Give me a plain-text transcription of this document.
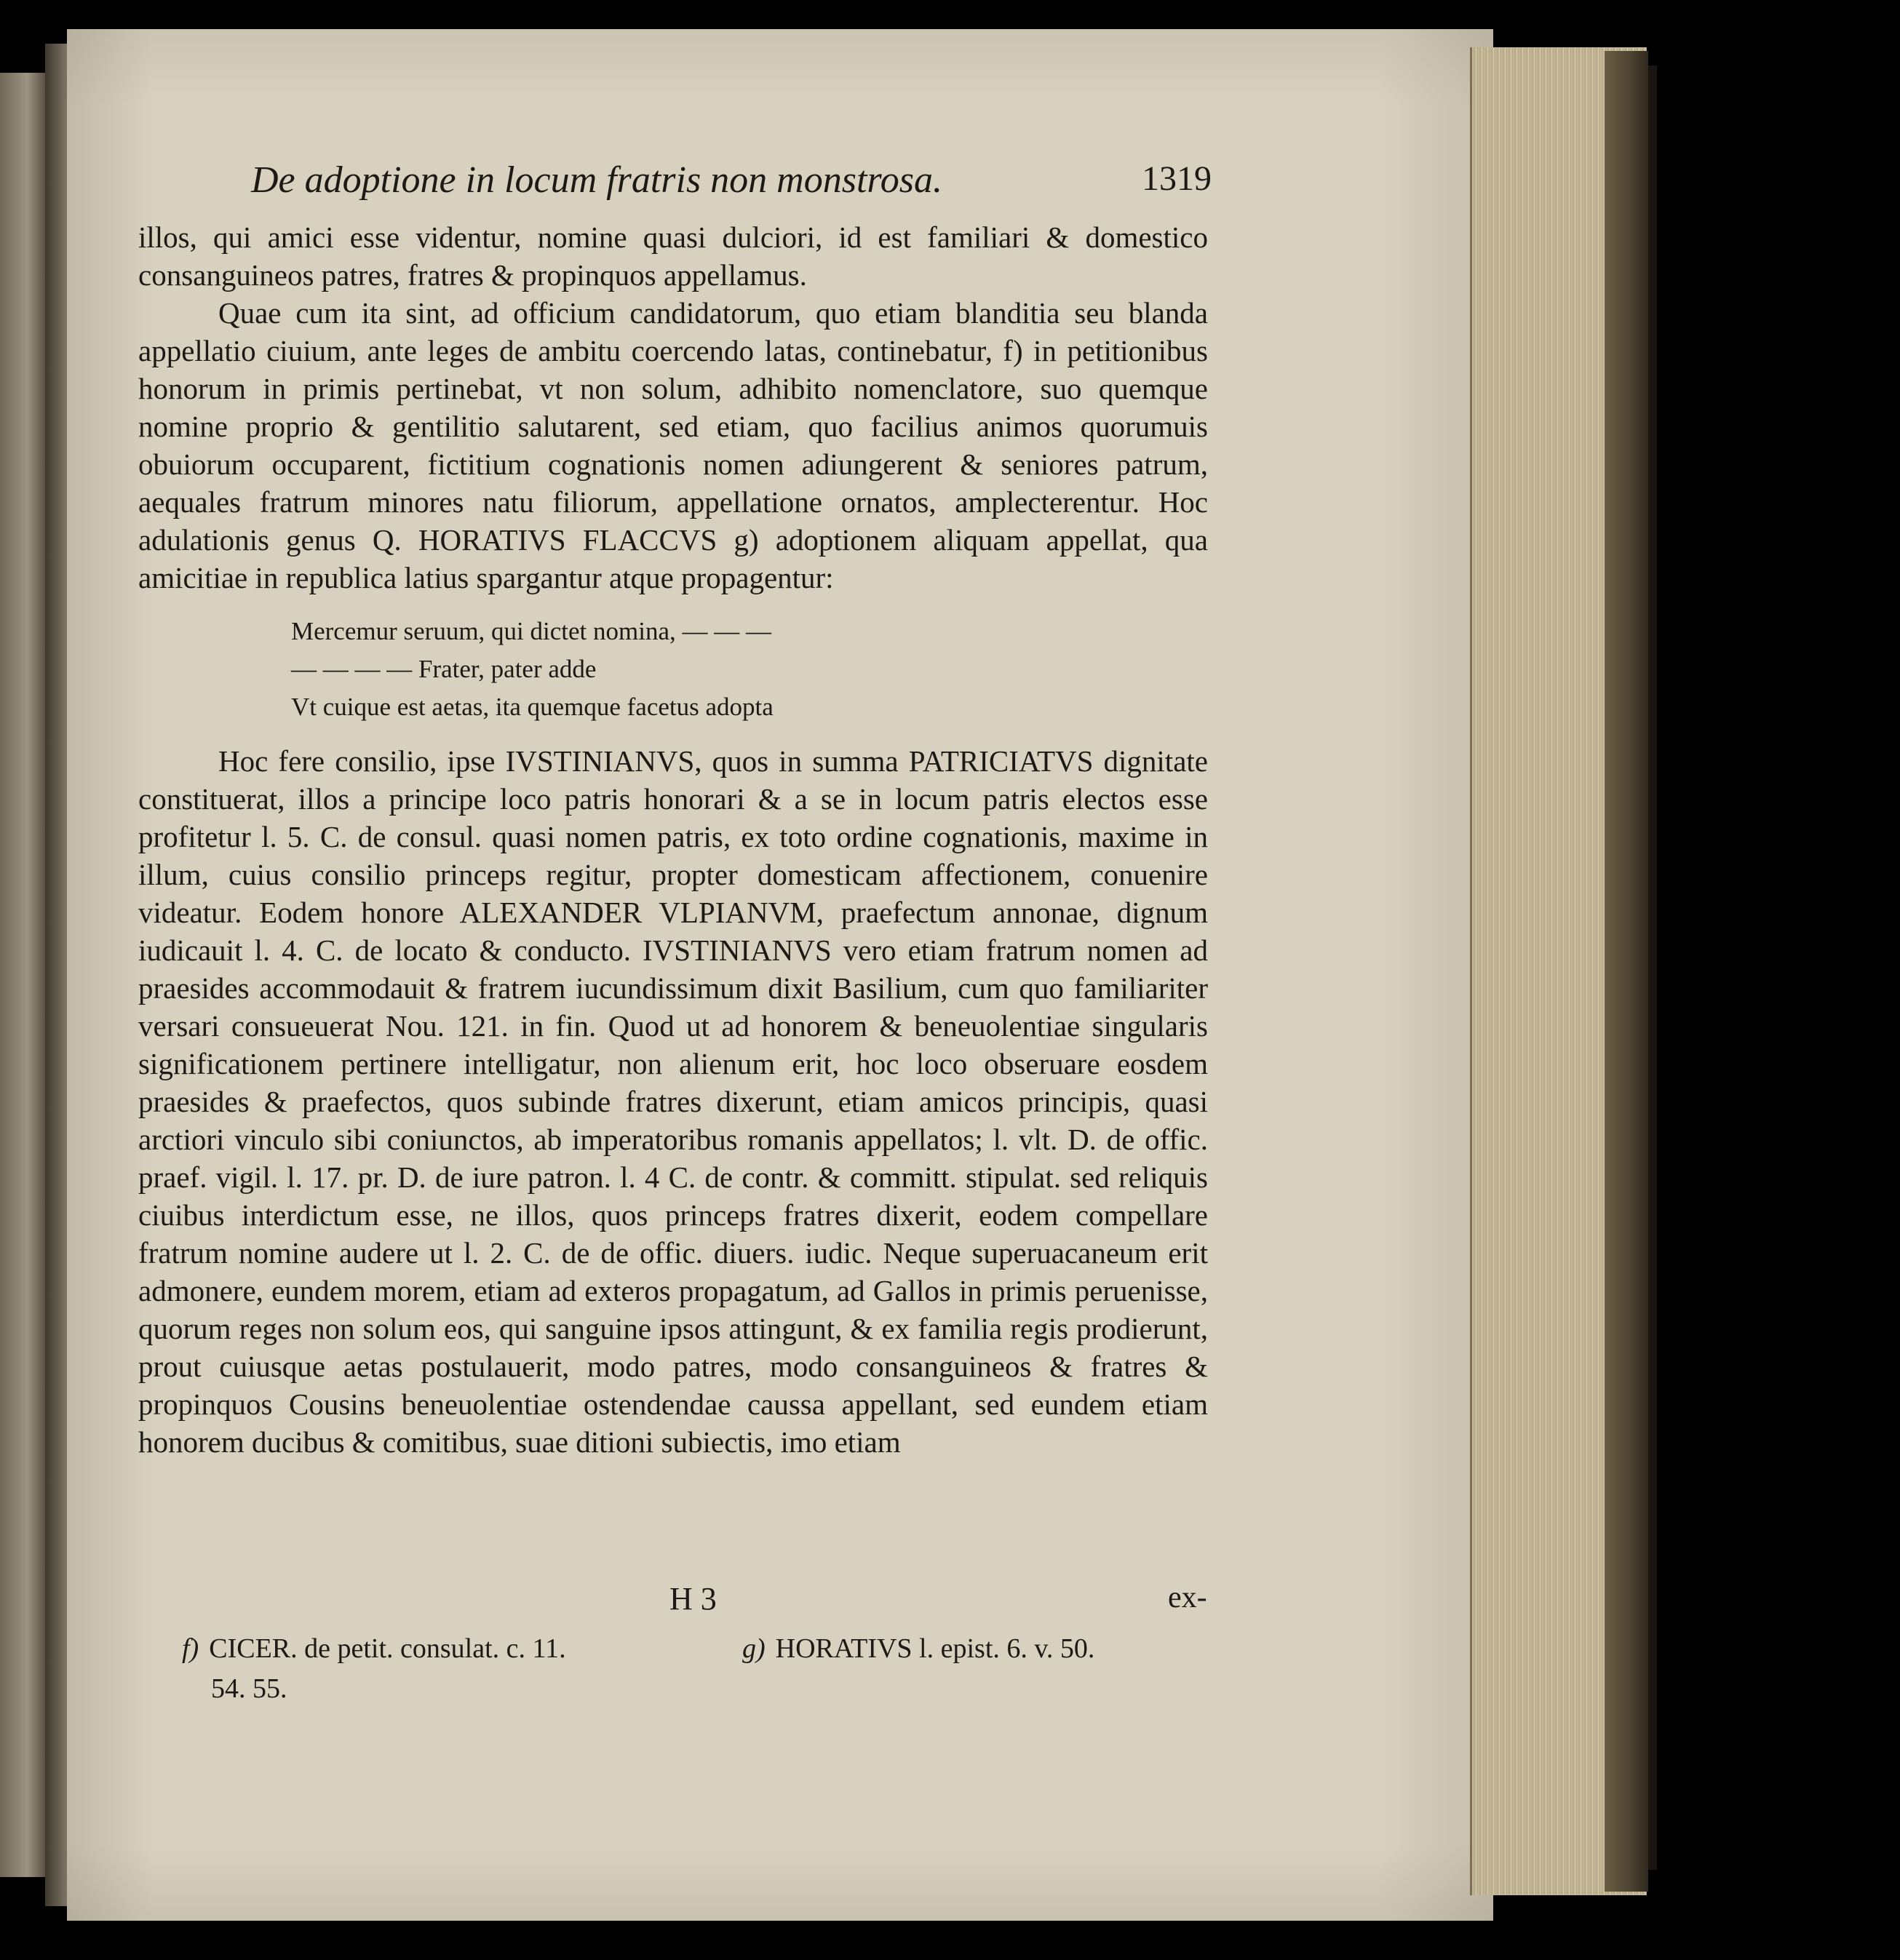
De adoptione in locum fratris non monstrosa.	1319

illos, qui amici esse videntur, nomine quasi dulciori, id est familiari & domestico consanguineos patres, fratres & propinquos appellamus.

Quae cum ita sint, ad officium candidatorum, quo etiam blanditia seu blanda appellatio ciuium, ante leges de ambitu coercendo latas, continebatur, f) in petitionibus honorum in primis pertinebat, vt non solum, adhibito nomenclatore, suo quemque nomine proprio & gentilitio salutarent, sed etiam, quo facilius animos quorumuis obuiorum occuparent, fictitium cognationis nomen adiungerent & seniores patrum, aequales fratrum minores natu filiorum, appellatione ornatos, amplecterentur. Hoc adulationis genus Q. HORATIVS FLACCVS g) adoptionem aliquam appellat, qua amicitiae in republica latius spargantur atque propagentur:

Mercemur seruum, qui dictet nomina, — — —
— — — — Frater, pater adde
Vt cuique est aetas, ita quemque facetus adopta

Hoc fere consilio, ipse IVSTINIANVS, quos in summa PATRICIATVS dignitate constituerat, illos a principe loco patris honorari & a se in locum patris electos esse profitetur l. 5. C. de consul. quasi nomen patris, ex toto ordine cognationis, maxime in illum, cuius consilio princeps regitur, propter domesticam affectionem, conuenire videatur. Eodem honore ALEXANDER VLPIANVM, praefectum annonae, dignum iudicauit l. 4. C. de locato & conducto. IVSTINIANVS vero etiam fratrum nomen ad praesides accommodauit & fratrem iucundissimum dixit Basilium, cum quo familiariter versari consueuerat Nou. 121. in fin. Quod ut ad honorem & beneuolentiae singularis significationem pertinere intelligatur, non alienum erit, hoc loco obseruare eosdem praesides & praefectos, quos subinde fratres dixerunt, etiam amicos principis, quasi arctiori vinculo sibi coniunctos, ab imperatoribus romanis appellatos; l. vlt. D. de offic. praef. vigil. l. 17. pr. D. de iure patron. l. 4 C. de contr. & committ. stipulat. sed reliquis ciuibus interdictum esse, ne illos, quos princeps fratres dixerit, eodem compellare fratrum nomine audere ut l. 2. C. de de offic. diuers. iudic. Neque superuacaneum erit admonere, eundem morem, etiam ad exteros propagatum, ad Gallos in primis peruenisse, quorum reges non solum eos, qui sanguine ipsos attingunt, & ex familia regis prodierunt, prout cuiusque aetas postulauerit, modo patres, modo consanguineos & fratres & propinquos Cousins beneuolentiae ostendendae caussa appellant, sed eundem etiam honorem ducibus & comitibus, suae ditioni subiectis, imo etiam

H 3	ex-
f) CICER. de petit. consulat. c. 11.	g) HORATIVS l. epist. 6. v. 50.
54. 55.
